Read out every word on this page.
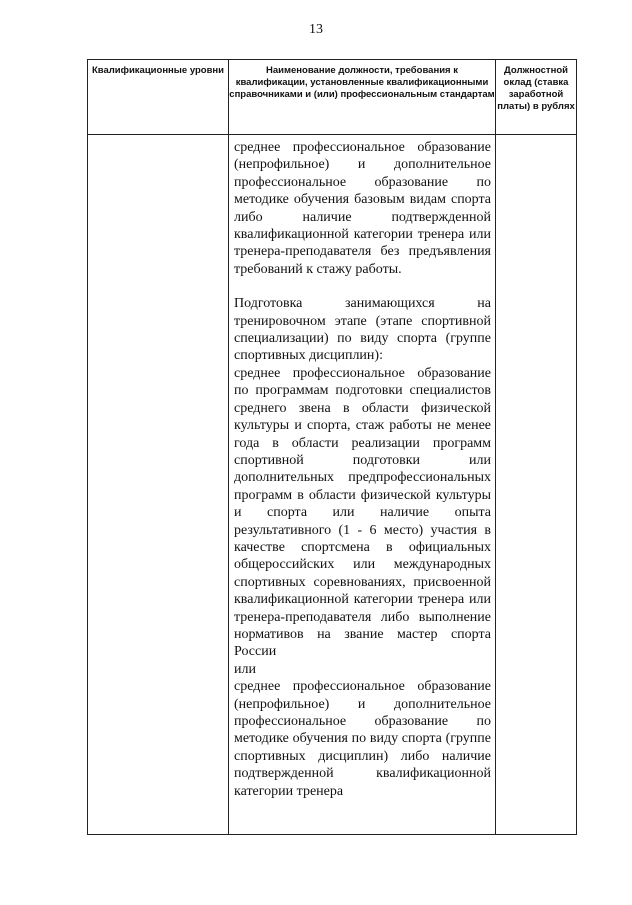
13
Квалификационные уровни	Наименование должности, требования к квалификации, установленные квалификационными справочниками и (или) профессиональным стандартам	Должностной оклад (ставка заработной платы) в рублях

	среднее профессиональное образование (непрофильное) и дополнительное профессиональное образование по методике обучения базовым видам спорта либо наличие подтвержденной квалификационной категории тренера или тренера-преподавателя без предъявления требований к стажу работы.

Подготовка занимающихся на тренировочном этапе (этапе спортивной специализации) по виду спорта (группе спортивных дисциплин):

среднее профессиональное образование по программам подготовки специалистов среднего звена в области физической культуры и спорта, стаж работы не менее года в области реализации программ спортивной подготовки или дополнительных предпрофессиональных программ в области физической культуры и спорта или наличие опыта результативного (1 - 6 место) участия в качестве спортсмена в официальных общероссийских или международных спортивных соревнованиях, присвоенной квалификационной категории тренера или тренера-преподавателя либо выполнение нормативов на звание мастер спорта России

или

среднее профессиональное образование (непрофильное) и дополнительное профессиональное образование по методике обучения по виду спорта (группе спортивных дисциплин) либо наличие подтвержденной квалификационной категории тренера	
